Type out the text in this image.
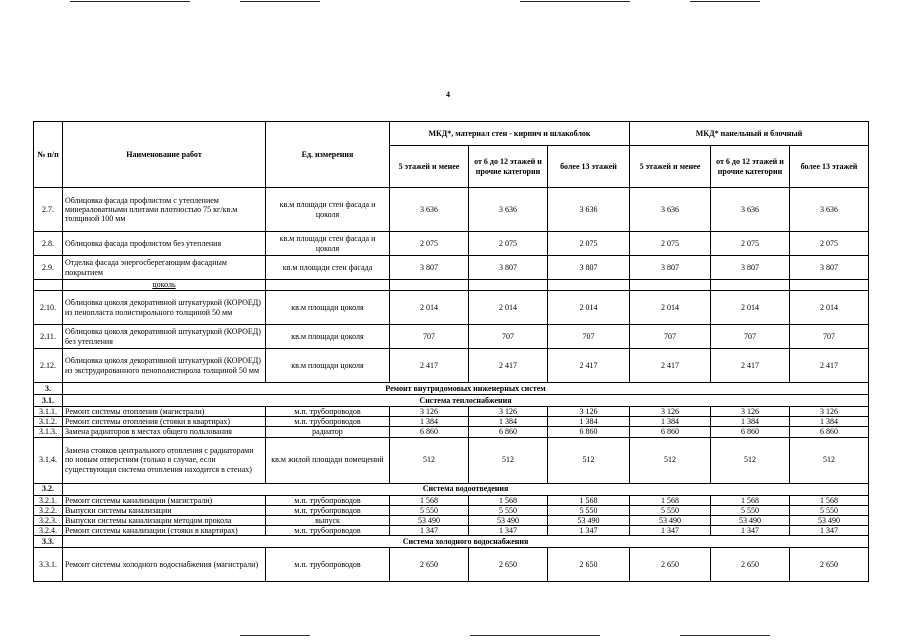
4
№ п/п	Наименование работ	Ед. измерения	МКД*, материал стен - кирпич и шлакоблок			МКД* панельный и блочный		
			5 этажей и менее	от 6 до 12 этажей и прочие категории	более 13 этажей	5 этажей и менее	от 6 до 12 этажей и прочие категории	более 13 этажей
2.7.	Облицовка фасада профлистом с утеплением минераловатными плитами плотностью 75 кг/кв.м толщиной 100 мм	кв.м площади стен фасада и цоколя	3 636	3 636	3 636	3 636	3 636	3 636
2.8.	Облицовка фасада профлистом без утепления	кв.м площади стен фасада и цоколя	2 075	2 075	2 075	2 075	2 075	2 075
2.9.	Отделка фасада энергосберегающим фасадным покрытием	кв.м площади стен фасада	3 807	3 807	3 807	3 807	3 807	3 807
	цоколь							
2.10.	Облицовка цоколя декоративной штукатуркой (КОРОЕД) из пенопласта полистирольного толщиной 50 мм	кв.м площади цоколя	2 014	2 014	2 014	2 014	2 014	2 014
2.11.	Облицовка цоколя декоративной штукатуркой (КОРОЕД) без утепления	кв.м площади цоколя	707	707	707	707	707	707
2.12.	Облицовка цоколя декоративной штукатуркой (КОРОЕД) из экструдированного пенополистирола толщиной 50 мм	кв.м площади цоколя	2 417	2 417	2 417	2 417	2 417	2 417
3.	Ремонт внутридомовых инженерных систем							
3.1.	Система теплоснабжения							
3.1.1.	Ремонт системы отопления (магистрали)	м.п. трубопроводов	3 126	3 126	3 126	3 126	3 126	3 126
3.1.2.	Ремонт системы отопления (стояки в квартирах)	м.п. трубопроводов	1 384	1 384	1 384	1 384	1 384	1 384
3.1.3.	Замена радиаторов в местах общего пользования	радиатор	6 860	6 860	6 860	6 860	6 860	6 860
3.1.4.	Замена стояков центрального отопления с радиаторами по новым отверстиям (только в случае, если существующая система отопления находится в стенах)	кв.м жилой площади помещений	512	512	512	512	512	512
3.2.	Система водоотведения							
3.2.1.	Ремонт системы канализации (магистрали)	м.п. трубопроводов	1 568	1 568	1 568	1 568	1 568	1 568
3.2.2.	Выпуски системы канализации	м.п. трубопроводов	5 550	5 550	5 550	5 550	5 550	5 550
3.2.3.	Выпуски системы канализации методом прокола	выпуск	53 490	53 490	53 490	53 490	53 490	53 490
3.2.4.	Ремонт системы канализации (стояки в квартирах)	м.п. трубопроводов	1 347	1 347	1 347	1 347	1 347	1 347
3.3.	Система холодного водоснабжения							
3.3.1.	Ремонт системы холодного водоснабжения (магистрали)	м.п. трубопроводов	2 650	2 650	2 650	2 650	2 650	2 650
